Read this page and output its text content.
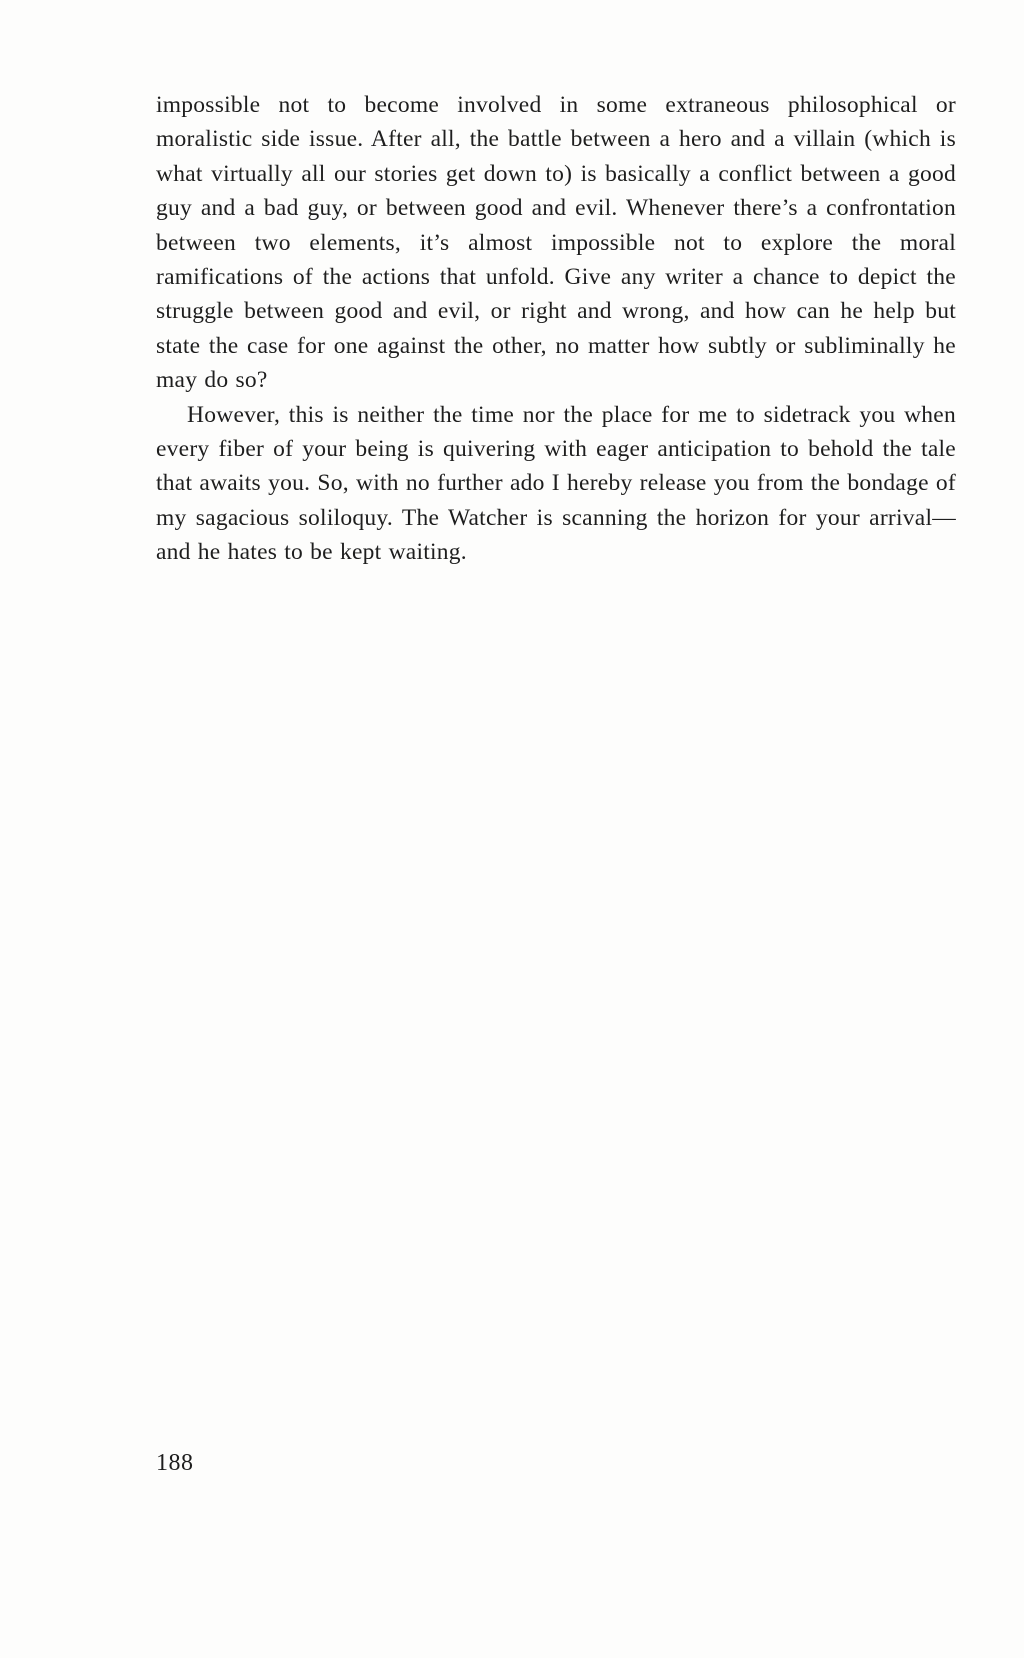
impossible not to become involved in some extraneous philosophical or moralistic side issue. After all, the battle between a hero and a villain (which is what virtually all our stories get down to) is basically a conflict between a good guy and a bad guy, or between good and evil. Whenever there’s a confrontation between two elements, it’s almost impossible not to explore the moral ramifications of the actions that unfold. Give any writer a chance to depict the struggle between good and evil, or right and wrong, and how can he help but state the case for one against the other, no matter how subtly or subliminally he may do so?

However, this is neither the time nor the place for me to sidetrack you when every fiber of your being is quivering with eager anticipation to behold the tale that awaits you. So, with no further ado I hereby release you from the bondage of my sagacious soliloquy. The Watcher is scanning the horizon for your arrival—and he hates to be kept waiting.

188
